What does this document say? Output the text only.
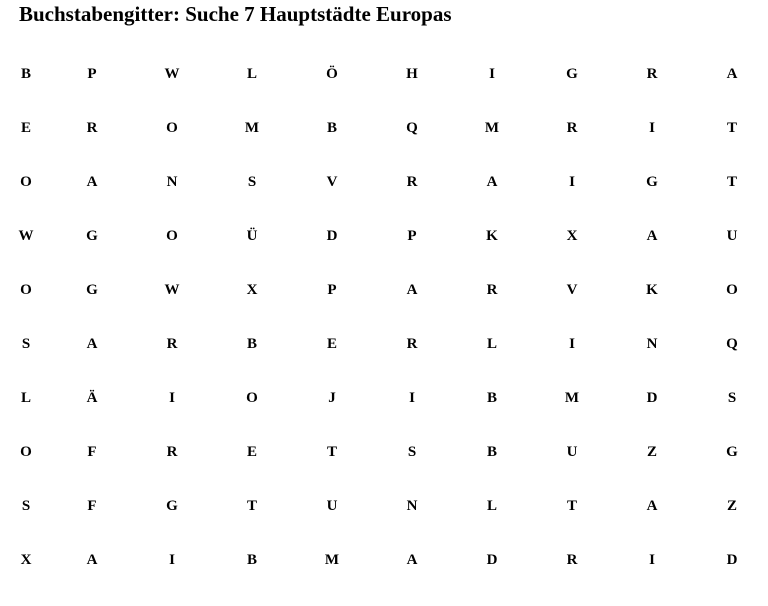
Buchstabengitter: Suche 7 Hauptstädte Europas
B	P	W	L	Ö	H	I	G	R	A
E	R	O	M	B	Q	M	R	I	T
O	A	N	S	V	R	A	I	G	T
W	G	O	Ü	D	P	K	X	A	U
O	G	W	X	P	A	R	V	K	O
S	A	R	B	E	R	L	I	N	Q
L	Ä	I	O	J	I	B	M	D	S
O	F	R	E	T	S	B	U	Z	G
S	F	G	T	U	N	L	T	A	Z
X	A	I	B	M	A	D	R	I	D
